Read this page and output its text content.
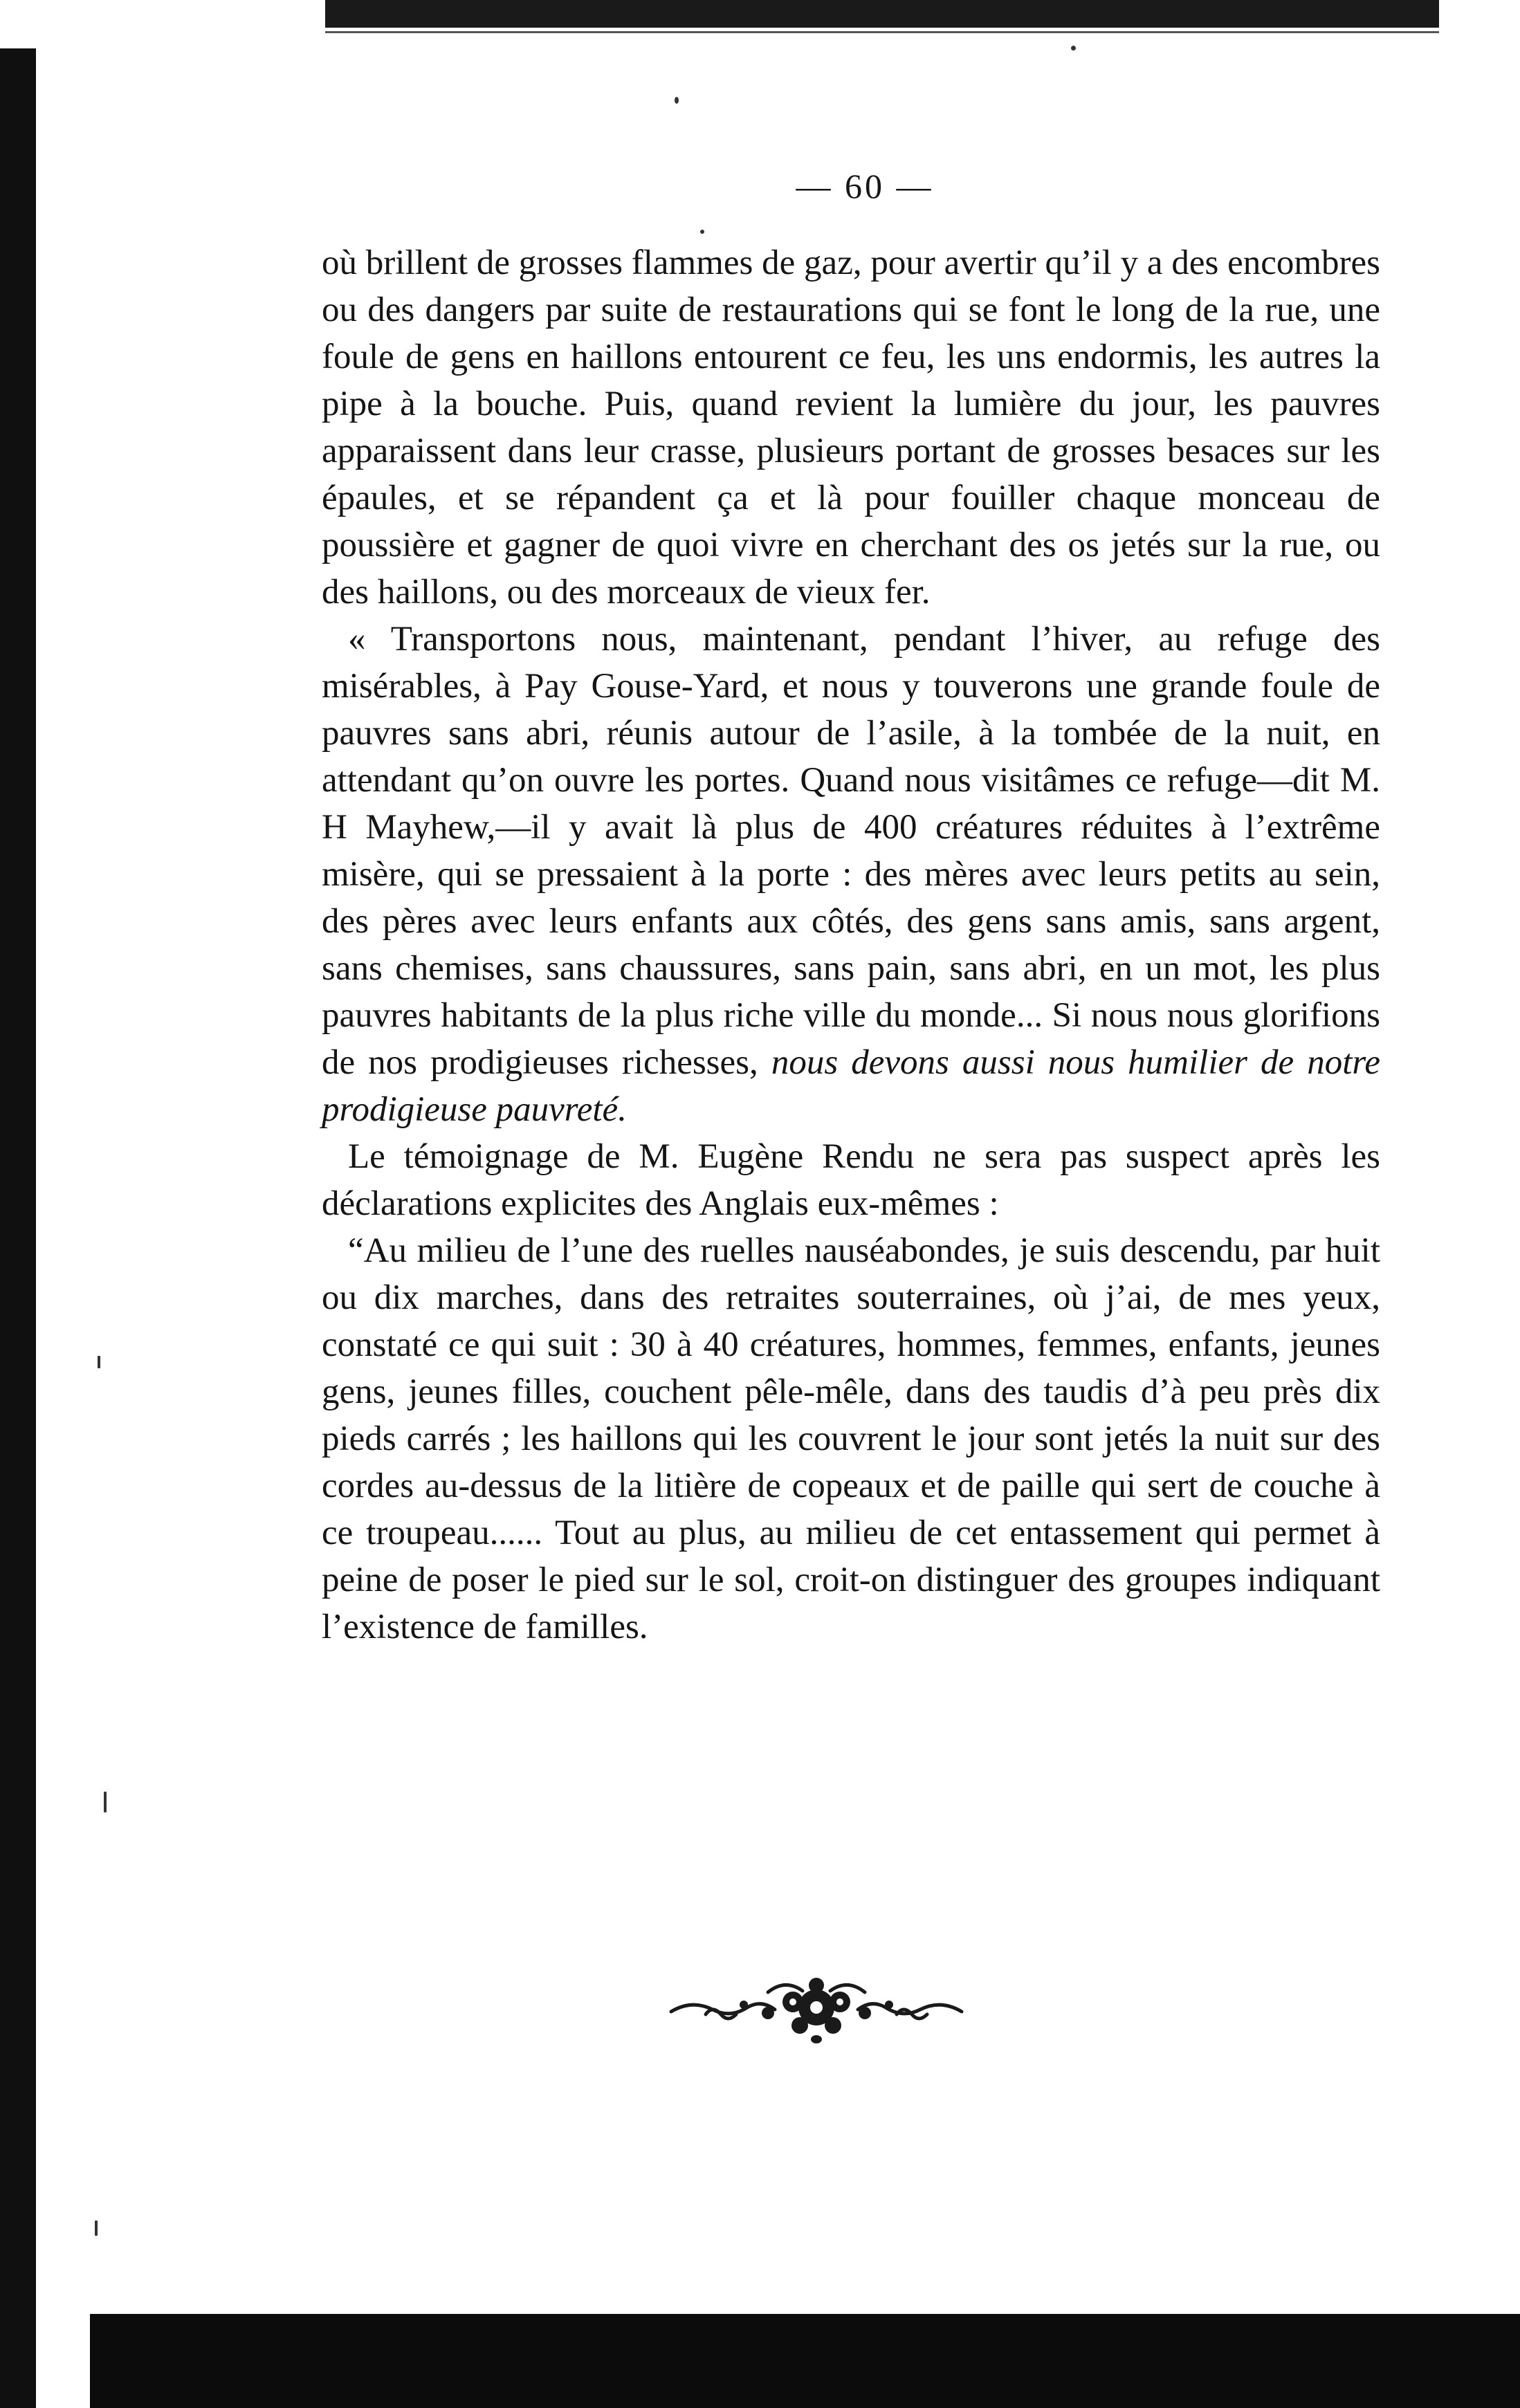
— 60 —

où brillent de grosses flammes de gaz, pour avertir qu’il y a des encombres ou des dangers par suite de restaurations qui se font le long de la rue, une foule de gens en haillons entourent ce feu, les uns endormis, les autres la pipe à la bouche. Puis, quand revient la lumière du jour, les pauvres apparaissent dans leur crasse, plusieurs portant de grosses besaces sur les épaules, et se répandent ça et là pour fouiller chaque monceau de poussière et gagner de quoi vivre en cherchant des os jetés sur la rue, ou des haillons, ou des morceaux de vieux fer.

« Transportons nous, maintenant, pendant l’hiver, au refuge des misérables, à Pay Gouse-Yard, et nous y touverons une grande foule de pauvres sans abri, réunis autour de l’asile, à la tombée de la nuit, en attendant qu’on ouvre les portes. Quand nous visitâmes ce refuge—dit M. H Mayhew,—il y avait là plus de 400 créatures réduites à l’extrême misère, qui se pressaient à la porte : des mères avec leurs petits au sein, des pères avec leurs enfants aux côtés, des gens sans amis, sans argent, sans chemises, sans chaussures, sans pain, sans abri, en un mot, les plus pauvres habitants de la plus riche ville du monde... Si nous nous glorifions de nos prodigieuses richesses, nous devons aussi nous humilier de notre prodigieuse pauvreté.

Le témoignage de M. Eugène Rendu ne sera pas suspect après les déclarations explicites des Anglais eux-mêmes :

“Au milieu de l’une des ruelles nauséabondes, je suis descendu, par huit ou dix marches, dans des retraites souterraines, où j’ai, de mes yeux, constaté ce qui suit : 30 à 40 créatures, hommes, femmes, enfants, jeunes gens, jeunes filles, couchent pêle-mêle, dans des taudis d’à peu près dix pieds carrés ; les haillons qui les couvrent le jour sont jetés la nuit sur des cordes au-dessus de la litière de copeaux et de paille qui sert de couche à ce troupeau...... Tout au plus, au milieu de cet entassement qui permet à peine de poser le pied sur le sol, croit-on distinguer des groupes indiquant l’existence de familles.
